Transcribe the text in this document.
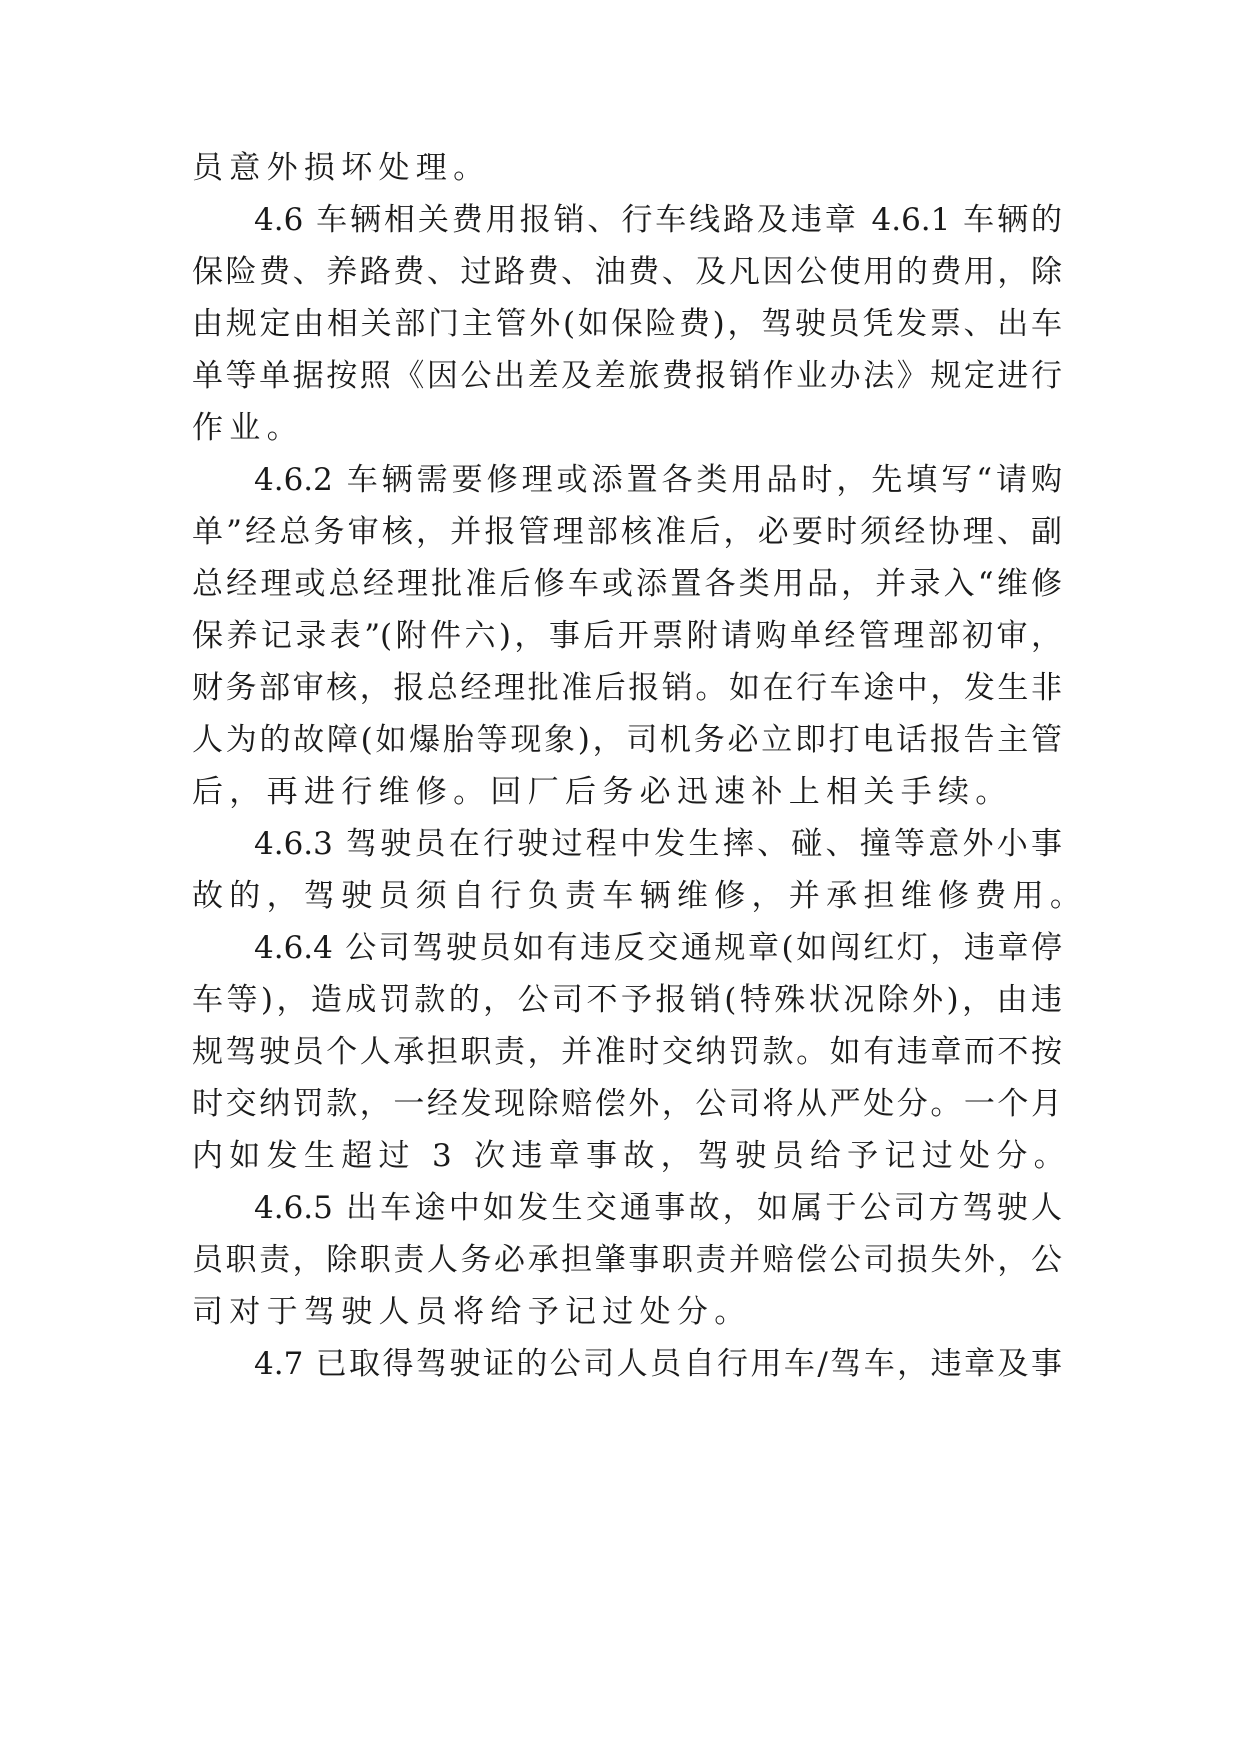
员意外损坏处理。
4.6 车辆相关费用报销、行车线路及违章 4.6.1 车辆的
保险费、养路费、过路费、油费、及凡因公使用的费用，除
由规定由相关部门主管外(如保险费)，驾驶员凭发票、出车
单等单据按照《因公出差及差旅费报销作业办法》规定进行
作业。
4.6.2 车辆需要修理或添置各类用品时，先填写“请购
单”经总务审核，并报管理部核准后，必要时须经协理、副
总经理或总经理批准后修车或添置各类用品，并录入“维修
保养记录表”(附件六)，事后开票附请购单经管理部初审，
财务部审核，报总经理批准后报销。如在行车途中，发生非
人为的故障(如爆胎等现象)，司机务必立即打电话报告主管
后，再进行维修。回厂后务必迅速补上相关手续。
4.6.3 驾驶员在行驶过程中发生摔、碰、撞等意外小事
故的，驾驶员须自行负责车辆维修，并承担维修费用。
4.6.4 公司驾驶员如有违反交通规章(如闯红灯，违章停
车等)，造成罚款的，公司不予报销(特殊状况除外)，由违
规驾驶员个人承担职责，并准时交纳罚款。如有违章而不按
时交纳罚款，一经发现除赔偿外，公司将从严处分。一个月
内如发生超过 3 次违章事故，驾驶员给予记过处分。
4.6.5 出车途中如发生交通事故，如属于公司方驾驶人
员职责，除职责人务必承担肇事职责并赔偿公司损失外，公
司对于驾驶人员将给予记过处分。
4.7 已取得驾驶证的公司人员自行用车/驾车，违章及事
